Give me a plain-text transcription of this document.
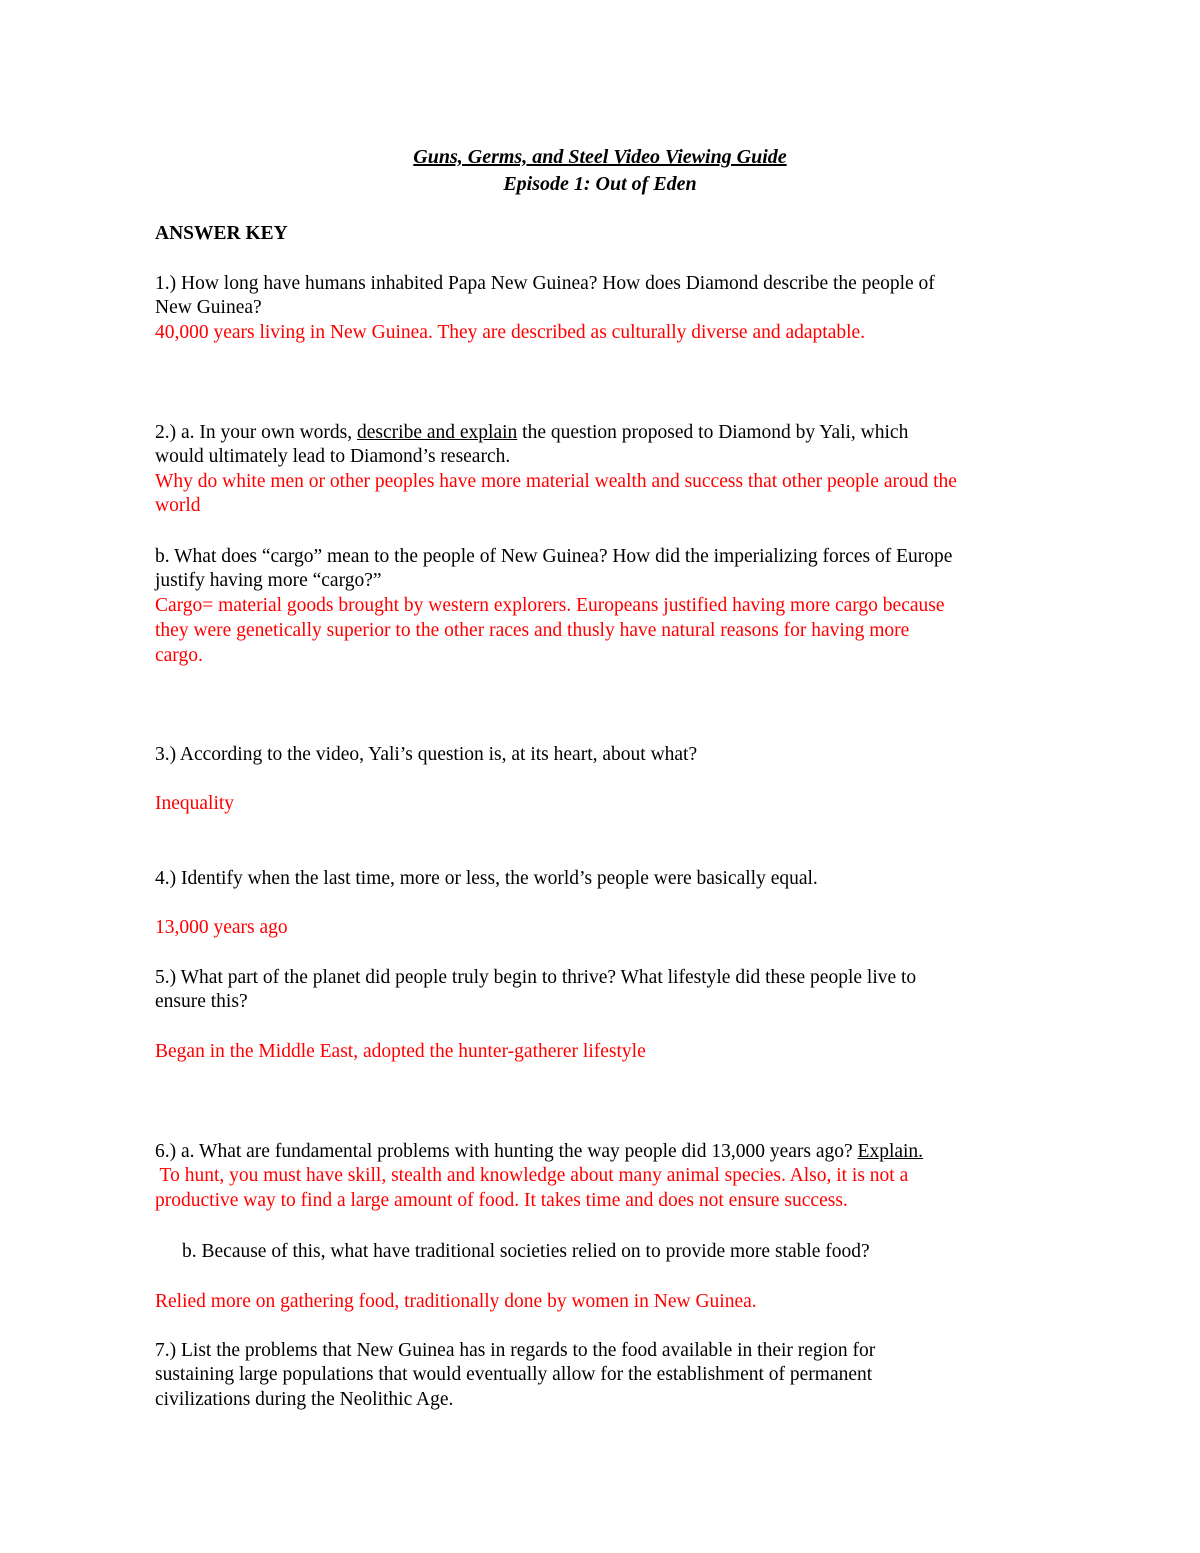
Guns, Germs, and Steel Video Viewing Guide
Episode 1: Out of Eden
ANSWER KEY
1.) How long have humans inhabited Papa New Guinea? How does Diamond describe the people of
New Guinea?
40,000 years living in New Guinea. They are described as culturally diverse and adaptable.
2.) a. In your own words, describe and explain the question proposed to Diamond by Yali, which
would ultimately lead to Diamond’s research.
Why do white men or other peoples have more material wealth and success that other people aroud the
world
b. What does “cargo” mean to the people of New Guinea? How did the imperializing forces of Europe
justify having more “cargo?”
Cargo= material goods brought by western explorers. Europeans justified having more cargo because
they were genetically superior to the other races and thusly have natural reasons for having more
cargo.
3.) According to the video, Yali’s question is, at its heart, about what?
Inequality
4.) Identify when the last time, more or less, the world’s people were basically equal.
13,000 years ago
5.) What part of the planet did people truly begin to thrive? What lifestyle did these people live to
ensure this?
Began in the Middle East, adopted the hunter-gatherer lifestyle
6.) a. What are fundamental problems with hunting the way people did 13,000 years ago? Explain.
To hunt, you must have skill, stealth and knowledge about many animal species. Also, it is not a
productive way to find a large amount of food. It takes time and does not ensure success.
b. Because of this, what have traditional societies relied on to provide more stable food?
Relied more on gathering food, traditionally done by women in New Guinea.
7.) List the problems that New Guinea has in regards to the food available in their region for
sustaining large populations that would eventually allow for the establishment of permanent
civilizations during the Neolithic Age.
